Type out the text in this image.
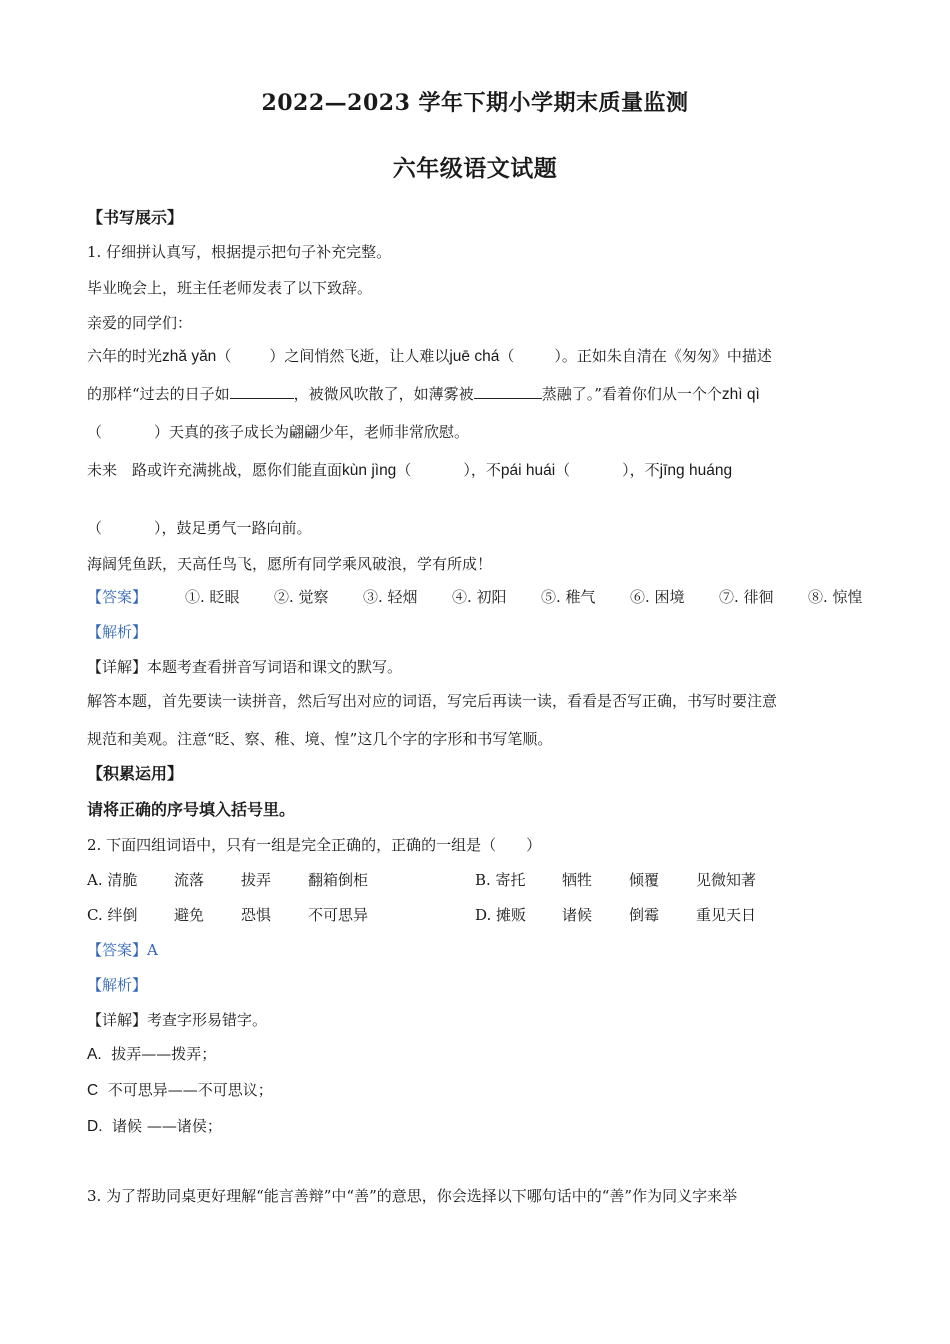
2022—2023 学年下期小学期末质量监测
六年级语文试题
【书写展示】
1. 仔细拼认真写，根据提示把句子补充完整。
毕业晚会上，班主任老师发表了以下致辞。
亲爱的同学们：
六年的时光zhǎ yǎn（	）之间悄然飞逝，让人难以juē chá（	）。正如朱自清在《匆匆》中描述
的那样“过去的日子如	，被微风吹散了，如薄雾被	蒸融了。”看着你们从一个个zhì qì
（	）天真的孩子成长为翩翩少年，老师非常欣慰。
未来　路或许充满挑战，愿你们能直面kùn jìng（	），不pái huái（	），不jīng huáng
（	），鼓足勇气一路向前。
海阔凭鱼跃，天高任鸟飞，愿所有同学乘风破浪，学有所成！
【答案】	①. 眨眼 ②. 觉察 ③. 轻烟 ④. 初阳 ⑤. 稚气 ⑥. 困境 ⑦. 徘徊 ⑧. 惊惶
【解析】
【详解】本题考查看拼音写词语和课文的默写。
解答本题，首先要读一读拼音，然后写出对应的词语，写完后再读一读，看看是否写正确，书写时要注意
规范和美观。注意“眨、察、稚、境、惶”这几个字的字形和书写笔顺。
【积累运用】
请将正确的序号填入括号里。
2. 下面四组词语中，只有一组是完全正确的，正确的一组是（　　）
A. 清脆 流落 拔弄 翻箱倒柜	B. 寄托 牺牲 倾覆 见微知著
C. 绊倒 避免 恐惧 不可思异	D. 摊贩 诸候 倒霉 重见天日
【答案】A
【解析】
【详解】考查字形易错字。
A. 拔弄——拨弄；
C 不可思异——不可思议；
D. 诸候 ——诸侯；
3. 为了帮助同桌更好理解“能言善辩”中“善”的意思，你会选择以下哪句话中的“善”作为同义字来举
